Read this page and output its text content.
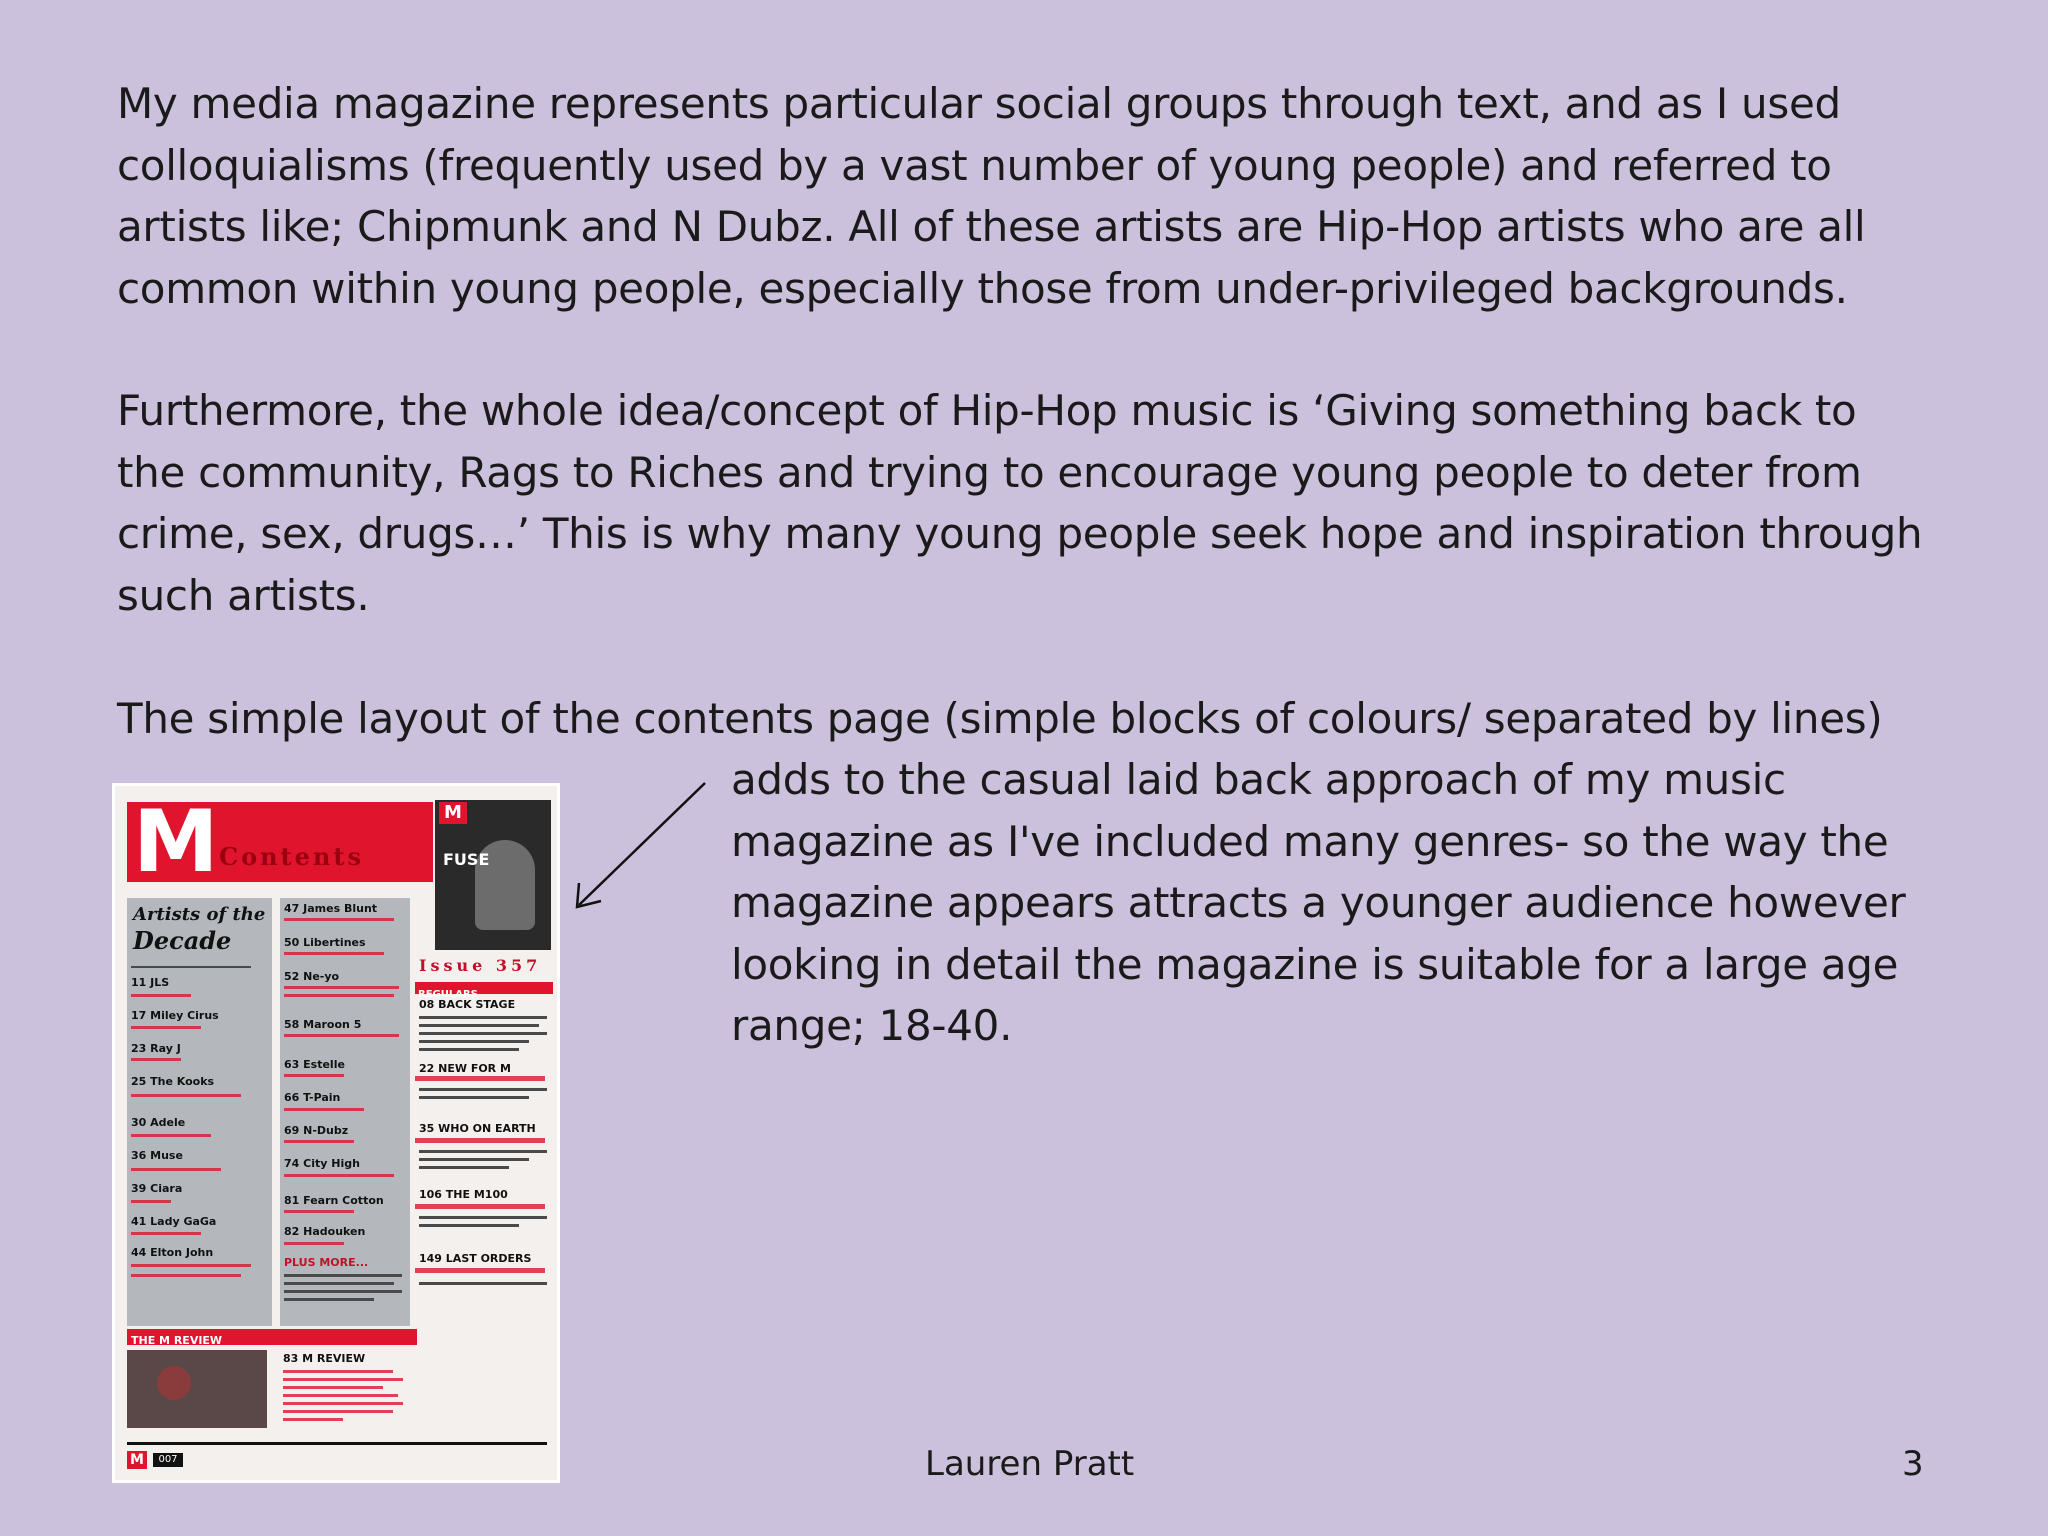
My media magazine represents particular social groups through text, and as I used
colloquialisms (frequently used by a vast number of young people) and referred to
artists like; Chipmunk and N Dubz. All of these artists are Hip-Hop artists who are all
common within young people, especially those from under-privileged backgrounds.
Furthermore, the whole idea/concept of Hip-Hop music is ‘Giving something back to
the community, Rags to Riches and trying to encourage young people to deter from
crime, sex, drugs…’ This is why many young people seek hope and inspiration through
such artists.
The simple layout of the contents page (simple blocks of colours/ separated by lines)
adds to the casual laid back approach of my music
magazine as I've included many genres- so the way the
magazine appears attracts a younger audience however
looking in detail the magazine is suitable for a large age
range; 18-40.
M Contents
M
FUSE
Artists of the
Decade
11 JLS
17 Miley Cirus
23 Ray J
25 The Kooks
30 Adele
36 Muse
39 Ciara
41 Lady GaGa
44 Elton John
47 James Blunt
50 Libertines
52 Ne-yo
58 Maroon 5
63 Estelle
66 T-Pain
69 N-Dubz
74 City High
81 Fearn Cotton
82 Hadouken
PLUS MORE...
Issue 357
REGULARS
08 BACK STAGE
22 NEW FOR M
35 WHO ON EARTH
106 THE M100
149 LAST ORDERS
THE M REVIEW
83 M REVIEW
M	007	Lauren Pratt	3
